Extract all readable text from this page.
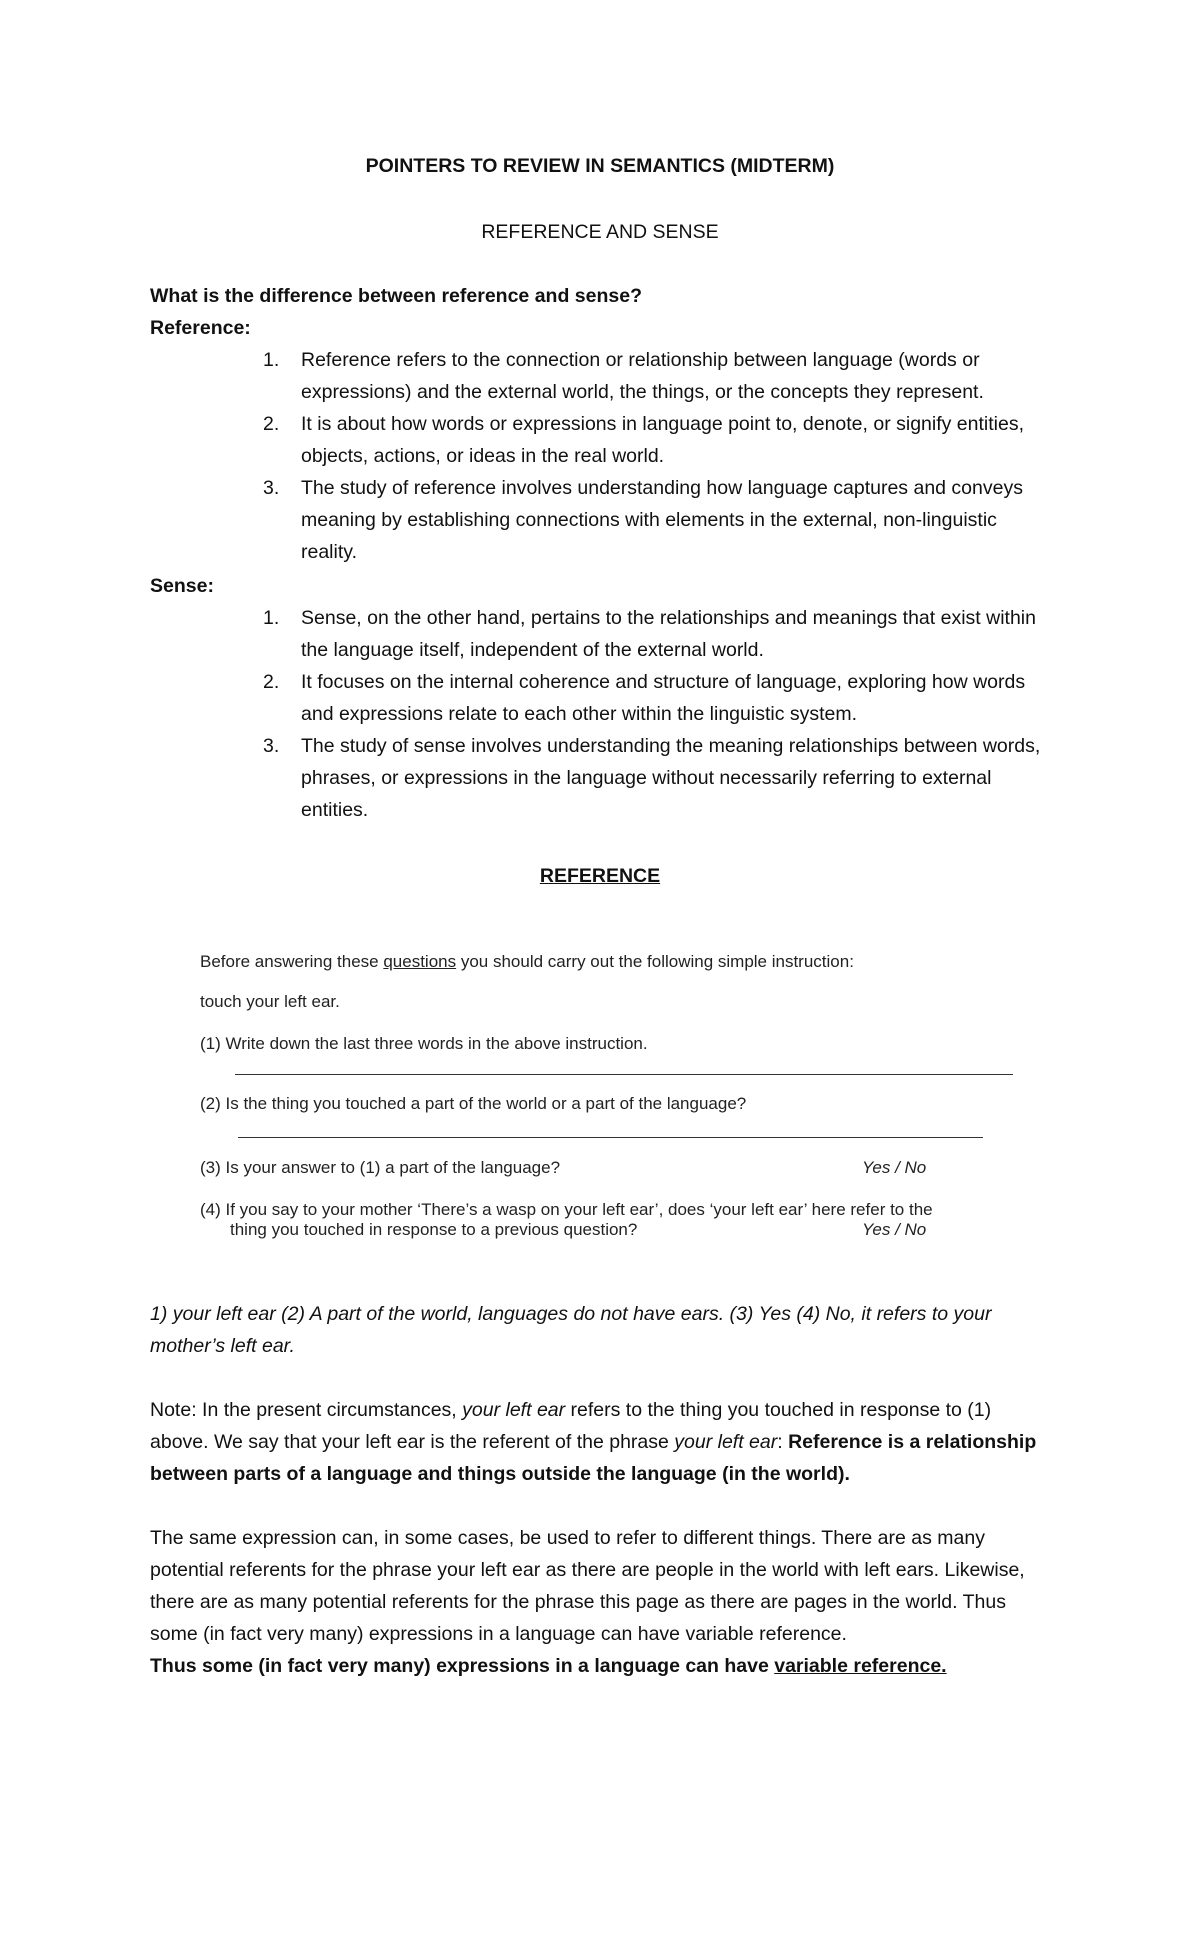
POINTERS TO REVIEW IN SEMANTICS (MIDTERM)
REFERENCE AND SENSE
What is the difference between reference and sense?
Reference:
1. Reference refers to the connection or relationship between language (words or expressions) and the external world, the things, or the concepts they represent.
2. It is about how words or expressions in language point to, denote, or signify entities, objects, actions, or ideas in the real world.
3. The study of reference involves understanding how language captures and conveys meaning by establishing connections with elements in the external, non-linguistic reality.
Sense:
1. Sense, on the other hand, pertains to the relationships and meanings that exist within the language itself, independent of the external world.
2. It focuses on the internal coherence and structure of language, exploring how words and expressions relate to each other within the linguistic system.
3. The study of sense involves understanding the meaning relationships between words, phrases, or expressions in the language without necessarily referring to external entities.
REFERENCE
Before answering these questions you should carry out the following simple instruction:
touch your left ear.
(1) Write down the last three words in the above instruction.
(2) Is the thing you touched a part of the world or a part of the language?
(3) Is your answer to (1) a part of the language?	Yes / No
(4) If you say to your mother ‘There’s a wasp on your left ear’, does ‘your left ear’ here refer to the
thing you touched in response to a previous question?	Yes / No
1) your left ear (2) A part of the world, languages do not have ears. (3) Yes (4) No, it refers to your mother’s left ear.
Note: In the present circumstances, your left ear refers to the thing you touched in response to (1) above. We say that your left ear is the referent of the phrase your left ear: Reference is a relationship between parts of a language and things outside the language (in the world).
The same expression can, in some cases, be used to refer to different things. There are as many potential referents for the phrase your left ear as there are people in the world with left ears. Likewise, there are as many potential referents for the phrase this page as there are pages in the world. Thus some (in fact very many) expressions in a language can have variable reference.
Thus some (in fact very many) expressions in a language can have variable reference.
